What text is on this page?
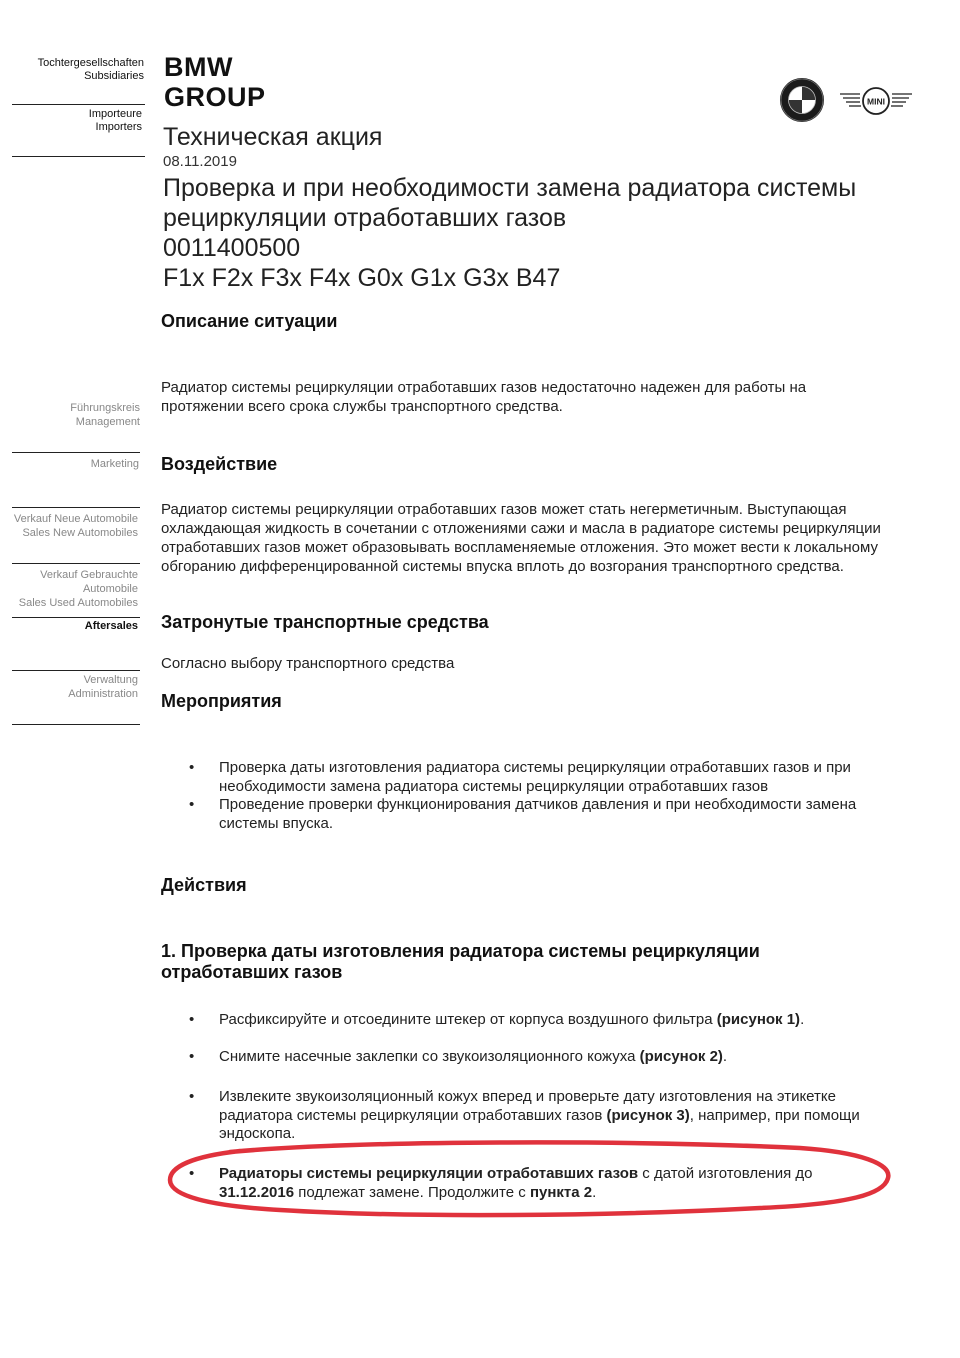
Tochtergesellschaften
Subsidiaries
Importeure
Importers
Führungskreis
Management
Marketing
Verkauf Neue Automobile
Sales New Automobiles
Verkauf Gebrauchte
Automobile
Sales Used Automobiles
Aftersales
Verwaltung
Administration
BMW
GROUP	MINI
Техническая акция
08.11.2019
Проверка и при необходимости замена радиатора системы
рециркуляции отработавших газов
0011400500
F1x F2x F3x F4x G0x G1x G3x B47
Описание ситуации
Радиатор системы рециркуляции отработавших газов недостаточно надежен для работы на протяжении всего срока службы транспортного средства.
Воздействие
Радиатор системы рециркуляции отработавших газов может стать негерметичным. Выступающая охлаждающая жидкость в сочетании с отложениями сажи и масла в радиаторе системы рециркуляции отработавших газов может образовывать воспламеняемые отложения. Это может вести к локальному обгоранию дифференцированной системы впуска вплоть до возгорания транспортного средства.
Затронутые транспортные средства
Согласно выбору транспортного средства
Мероприятия
• Проверка даты изготовления радиатора системы рециркуляции отработавших газов и при необходимости замена радиатора системы рециркуляции отработавших газов
• Проведение проверки функционирования датчиков давления и при необходимости замена системы впуска.
Действия
1. Проверка даты изготовления радиатора системы рециркуляции отработавших газов
• Расфиксируйте и отсоедините штекер от корпуса воздушного фильтра (рисунок 1).
• Снимите насечные заклепки со звукоизоляционного кожуха (рисунок 2).
• Извлеките звукоизоляционный кожух вперед и проверьте дату изготовления на этикетке радиатора системы рециркуляции отработавших газов (рисунок 3), например, при помощи эндоскопа.
• Радиаторы системы рециркуляции отработавших газов с датой изготовления до 31.12.2016 подлежат замене. Продолжите с пункта 2.
